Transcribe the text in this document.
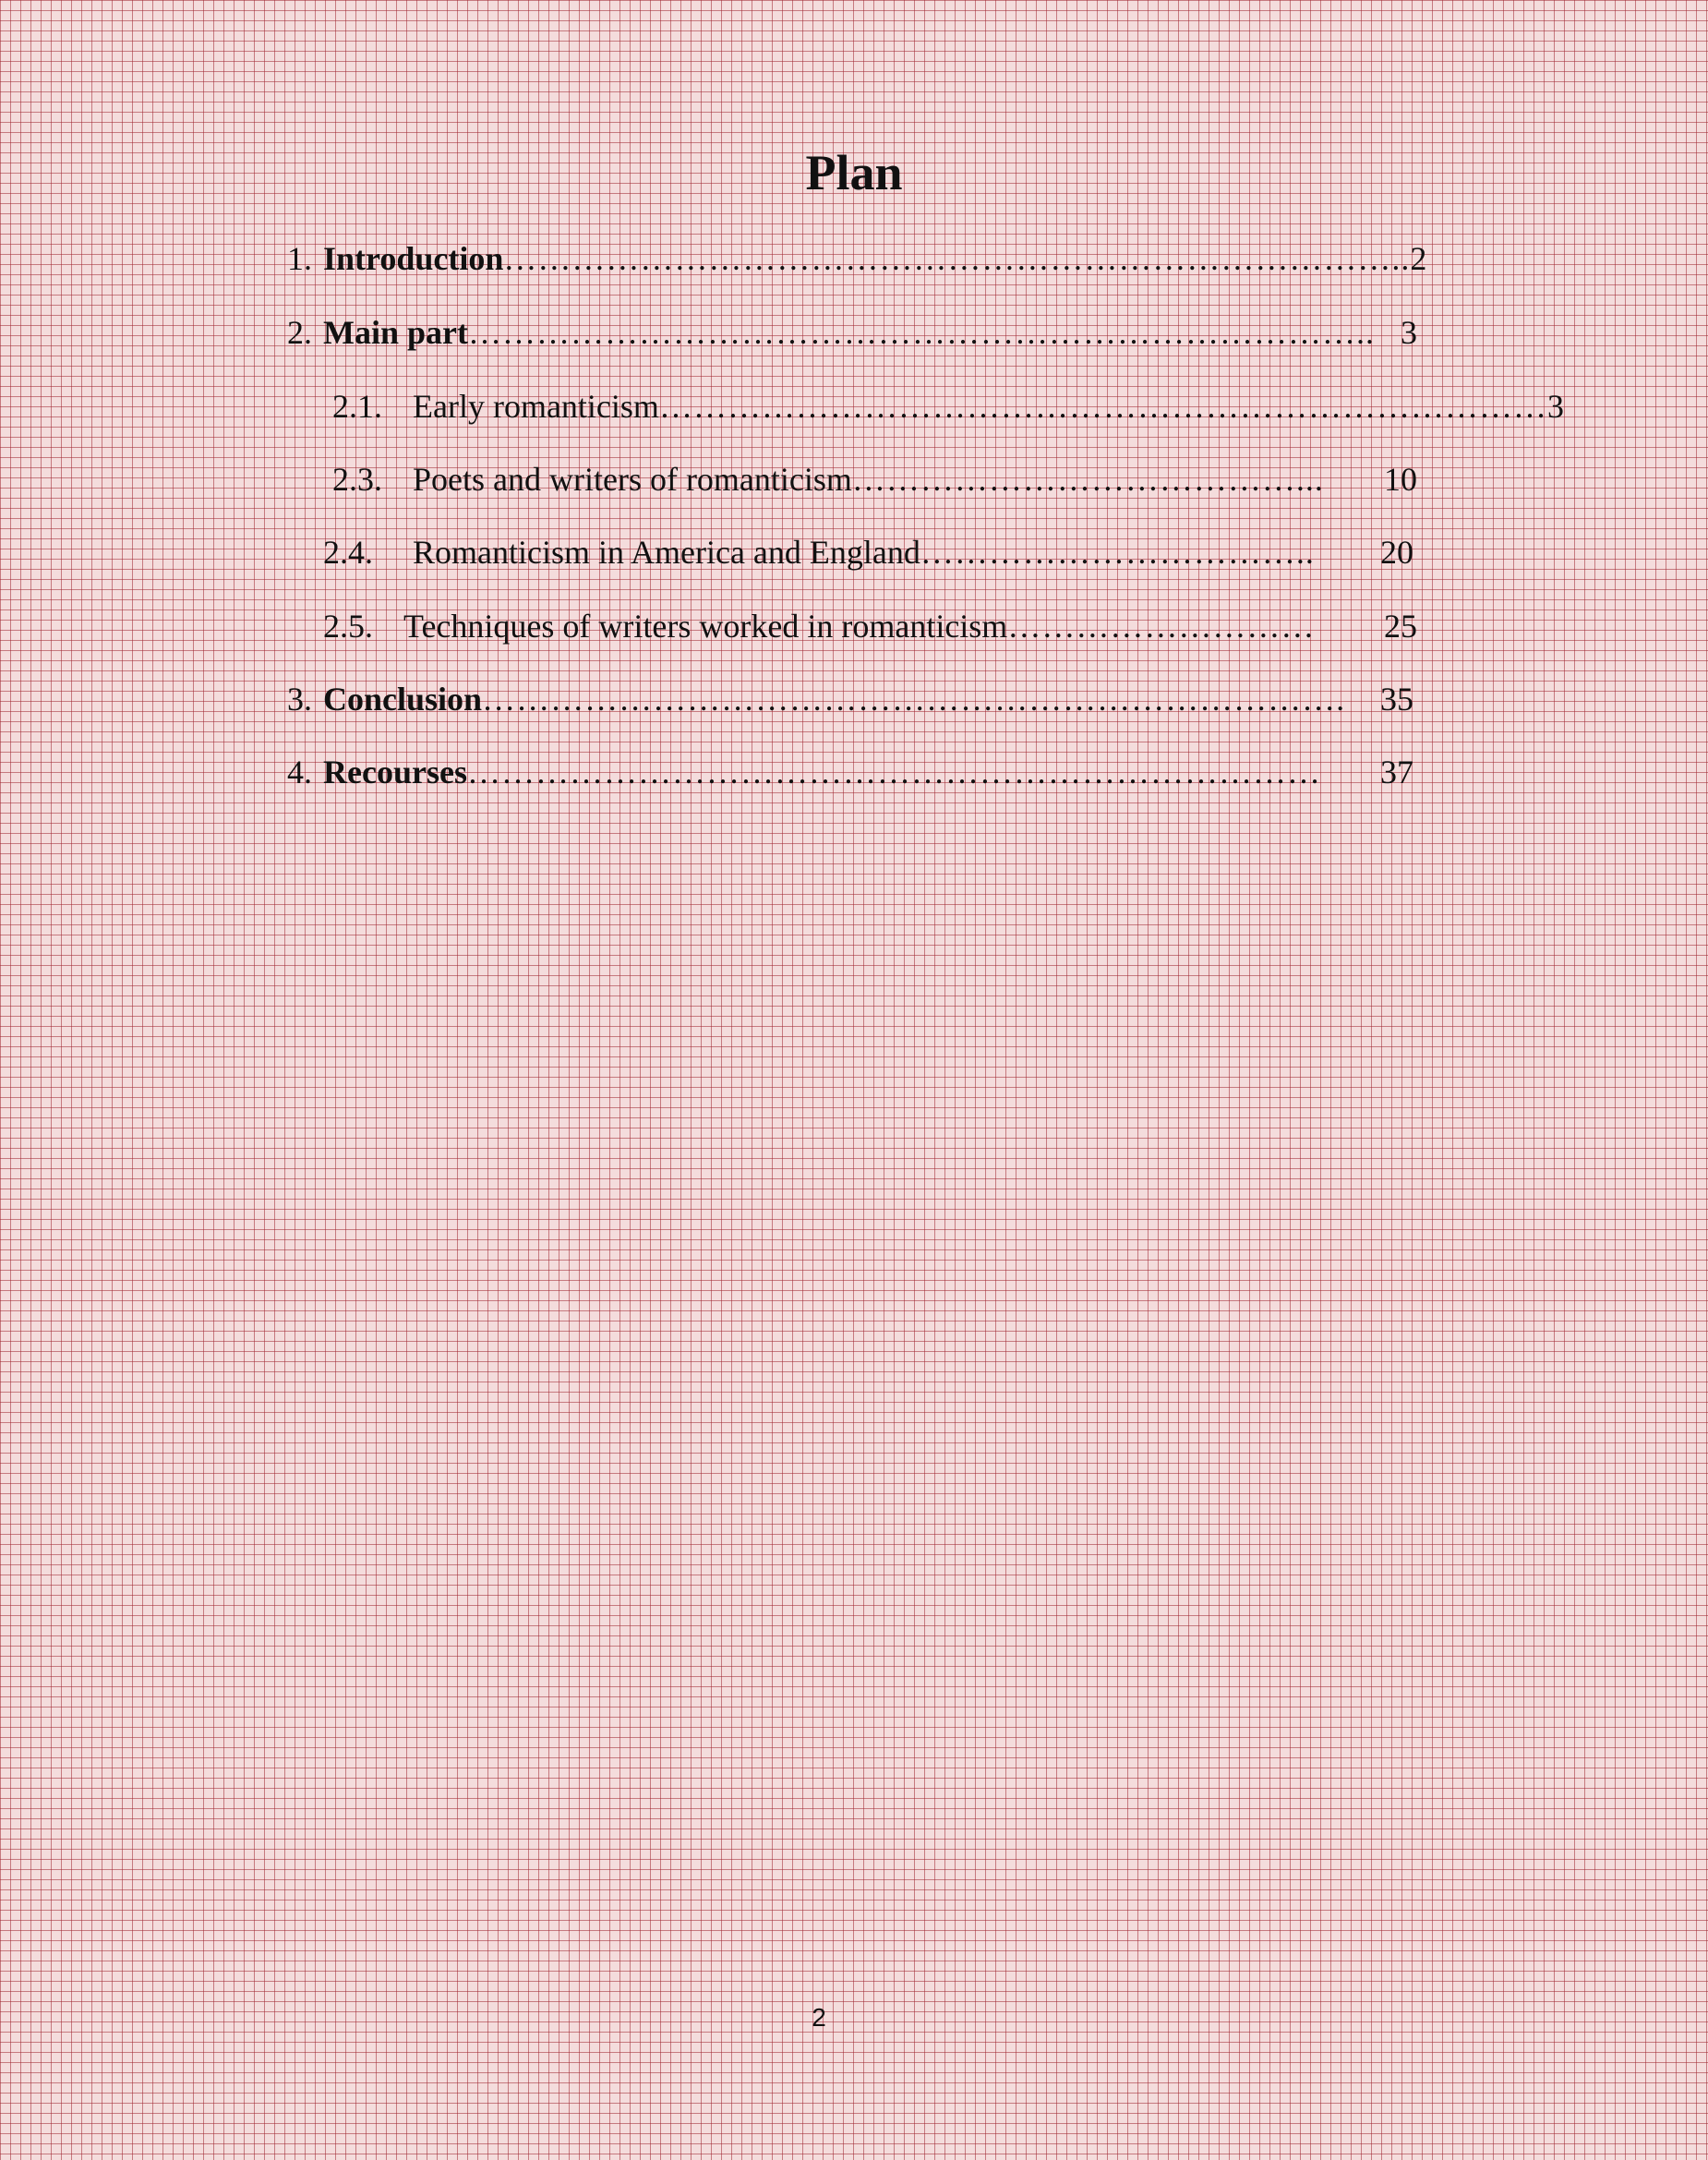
Plan
1. Introduction …………………………………………………………………….. 2
2. Main part …………………………………………………………………….. 3
2.1. Early romanticism …………………………………………………………………… 3
2.3. Poets and writers of romanticism …………………………………...	10
2.4.	Romanticism in America and England ……………………………..	20
2.5. Techniques of writers worked in romanticism ………………………	25
3. Conclusion ………………………………………………………………….	35
4. Recourses …………………………………………………………………	37
2
